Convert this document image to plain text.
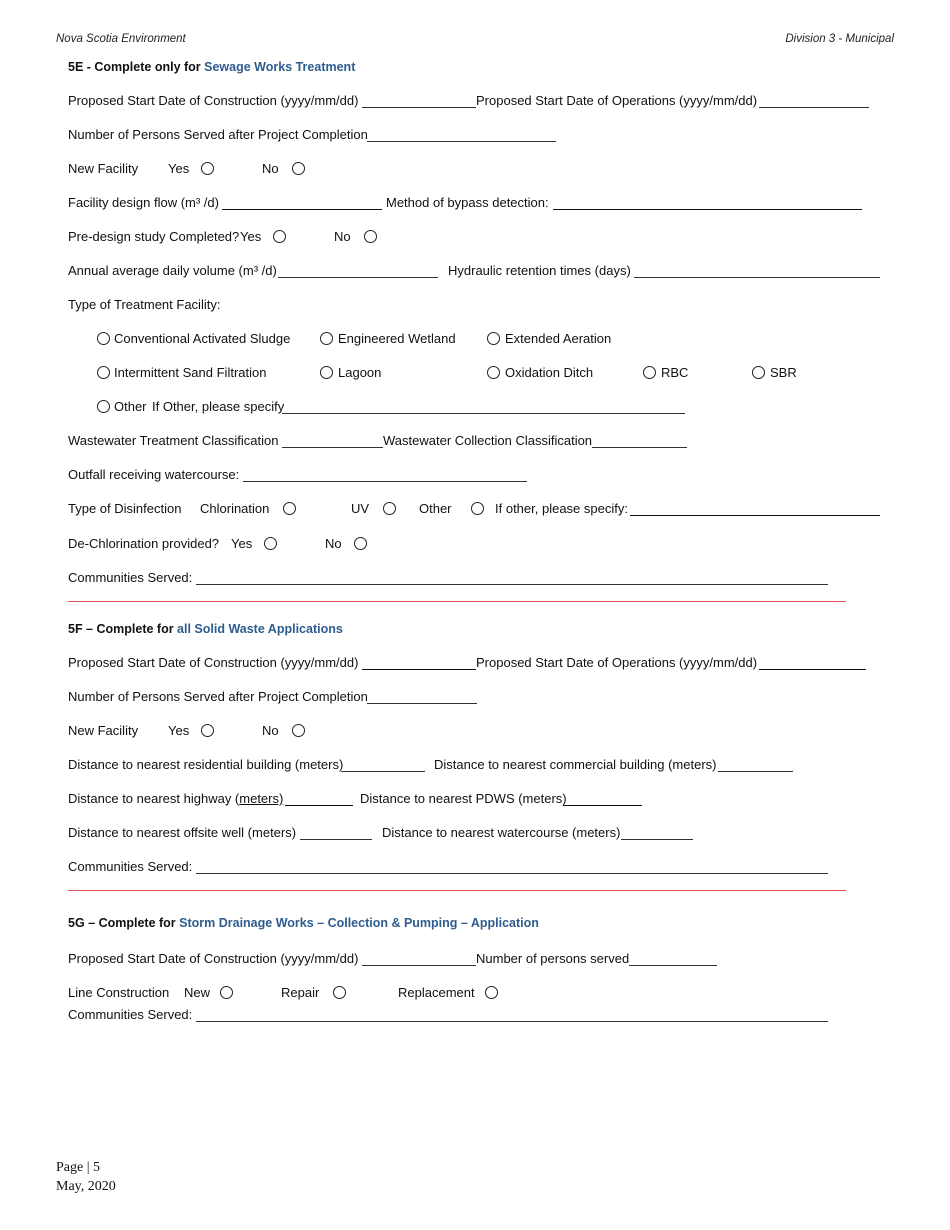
Nova Scotia Environment	Division 3 - Municipal
5E - Complete only for Sewage Works Treatment
Proposed Start Date of Construction (yyyy/mm/dd)	Proposed Start Date of Operations (yyyy/mm/dd)
Number of Persons Served after Project Completion
New Facility Yes	No
Facility design flow (m³ /d)	Method of bypass detection:
Pre-design study Completed? Yes	No
Annual average daily volume (m³ /d)	Hydraulic retention times (days)
Type of Treatment Facility:
Conventional Activated Sludge	Engineered Wetland	Extended Aeration
Intermittent Sand Filtration	Lagoon	Oxidation Ditch	RBC	SBR
Other If Other, please specify
Wastewater Treatment Classification	Wastewater Collection Classification
Outfall receiving watercourse:
Type of Disinfection Chlorination	UV	Other	If other, please specify:
De-Chlorination provided? Yes	No
Communities Served:
5F – Complete for all Solid Waste Applications
Proposed Start Date of Construction (yyyy/mm/dd)	Proposed Start Date of Operations (yyyy/mm/dd)
Number of Persons Served after Project Completion
New Facility Yes	No
Distance to nearest residential building (meters)	Distance to nearest commercial building (meters)
Distance to nearest highway (meters)	Distance to nearest PDWS (meters)
Distance to nearest offsite well (meters)	Distance to nearest watercourse (meters)
Communities Served:
5G – Complete for Storm Drainage Works – Collection & Pumping – Application
Proposed Start Date of Construction (yyyy/mm/dd)	Number of persons served
Line Construction New	Repair	Replacement
Communities Served:
Page | 5
May, 2020
